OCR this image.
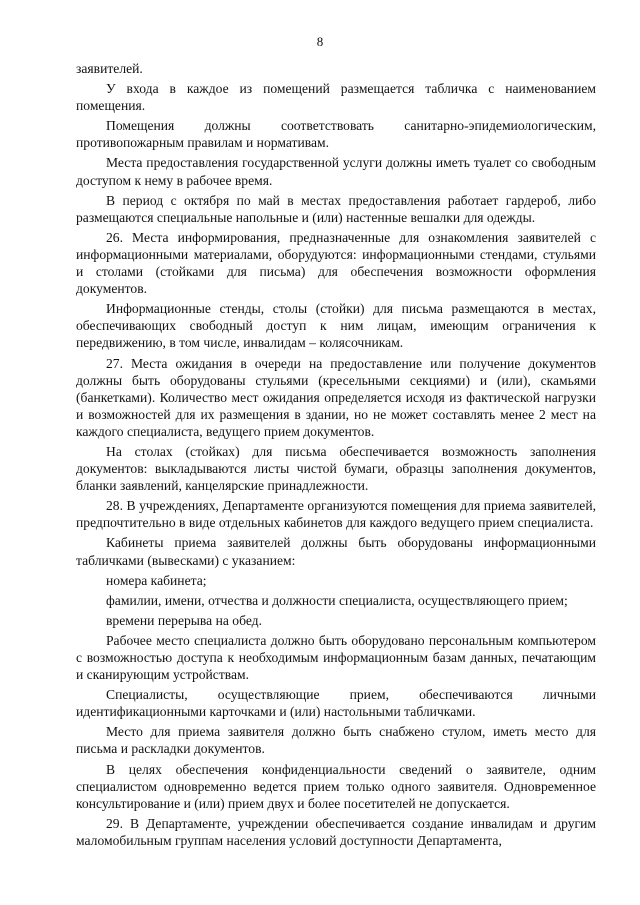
8

заявителей.

У входа в каждое из помещений размещается табличка с наименованием помещения.

Помещения должны соответствовать санитарно-эпидемиологическим, противопожарным правилам и нормативам.

Места предоставления государственной услуги должны иметь туалет со свободным доступом к нему в рабочее время.

В период с октября по май в местах предоставления работает гардероб, либо размещаются специальные напольные и (или) настенные вешалки для одежды.

26. Места информирования, предназначенные для ознакомления заявителей с информационными материалами, оборудуются: информационными стендами, стульями и столами (стойками для письма) для обеспечения возможности оформления документов.

Информационные стенды, столы (стойки) для письма размещаются в местах, обеспечивающих свободный доступ к ним лицам, имеющим ограничения к передвижению, в том числе, инвалидам – колясочникам.

27. Места ожидания в очереди на предоставление или получение документов должны быть оборудованы стульями (кресельными секциями) и (или), скамьями (банкетками). Количество мест ожидания определяется исходя из фактической нагрузки и возможностей для их размещения в здании, но не может составлять менее 2 мест на каждого специалиста, ведущего прием документов.

На столах (стойках) для письма обеспечивается возможность заполнения документов: выкладываются листы чистой бумаги, образцы заполнения документов, бланки заявлений, канцелярские принадлежности.

28. В учреждениях, Департаменте организуются помещения для приема заявителей, предпочтительно в виде отдельных кабинетов для каждого ведущего прием специалиста.

Кабинеты приема заявителей должны быть оборудованы информационными табличками (вывесками) с указанием:

номера кабинета;

фамилии, имени, отчества и должности специалиста, осуществляющего прием;

времени перерыва на обед.

Рабочее место специалиста должно быть оборудовано персональным компьютером с возможностью доступа к необходимым информационным базам данных, печатающим и сканирующим устройствам.

Специалисты, осуществляющие прием, обеспечиваются личными идентификационными карточками и (или) настольными табличками.

Место для приема заявителя должно быть снабжено стулом, иметь место для письма и раскладки документов.

В целях обеспечения конфиденциальности сведений о заявителе, одним специалистом одновременно ведется прием только одного заявителя. Одновременное консультирование и (или) прием двух и более посетителей не допускается.

29. В Департаменте, учреждении обеспечивается создание инвалидам и другим маломобильным группам населения условий доступности Департамента,
